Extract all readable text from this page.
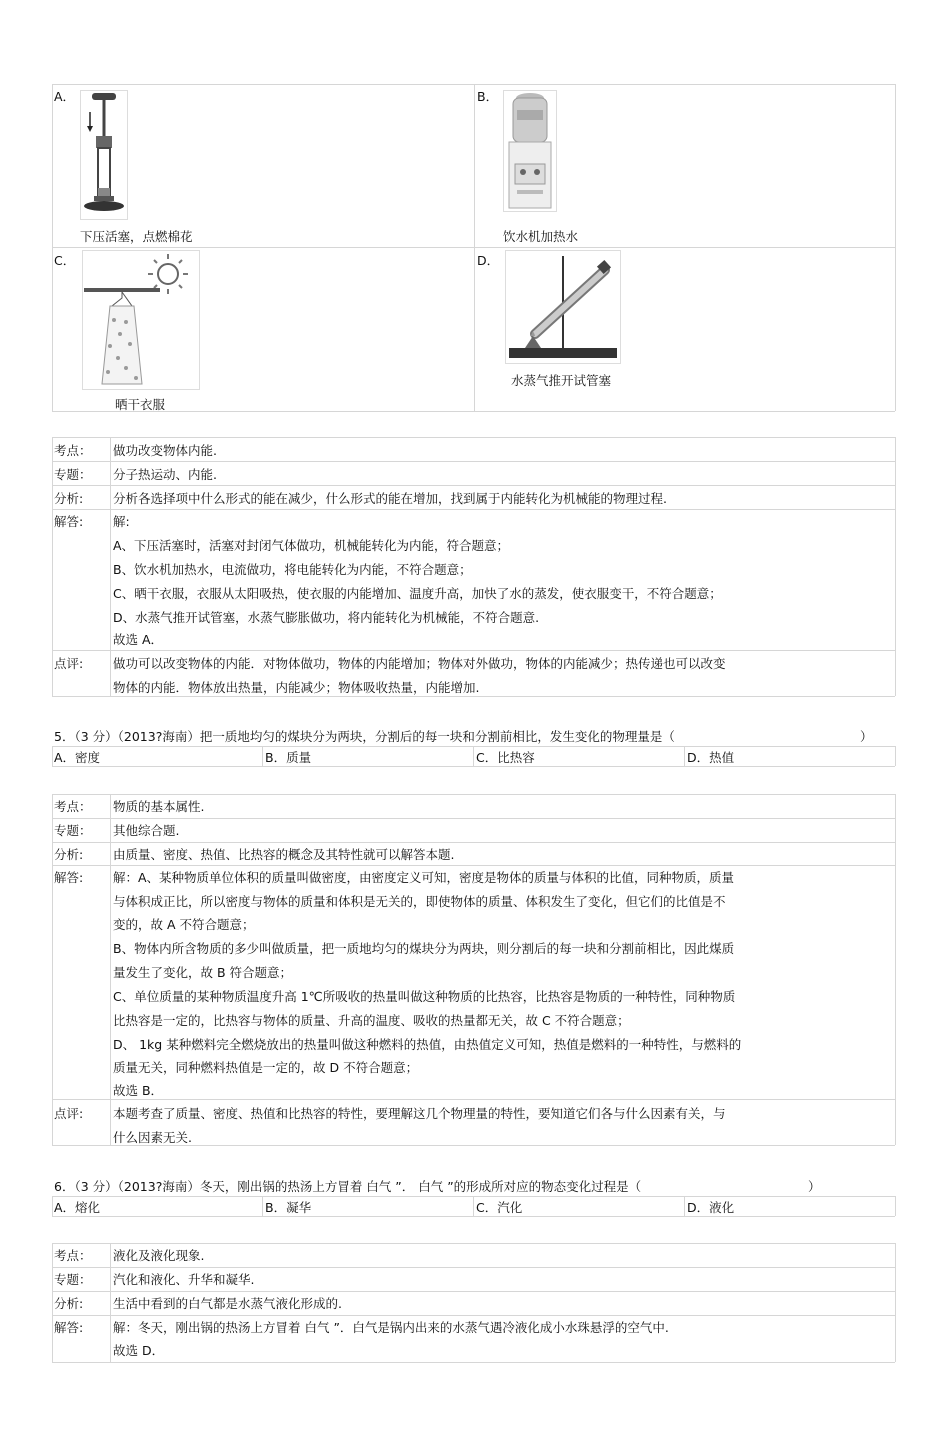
A．
下压活塞，点燃棉花
B．
饮水机加热水
C．
晒干衣服
D．
水蒸气推开试管塞
考点： 做功改变物体内能.
专题： 分子热运动、内能.
分析: 分析各选择项中什么形式的能在减少，什么形式的能在增加，找到属于内能转化为机械能的物理过程.
解答: 解:
A、下压活塞时，活塞对封闭气体做功，机械能转化为内能，符合题意；
B、饮水机加热水，电流做功，将电能转化为内能，不符合题意；
C、晒干衣服，衣服从太阳吸热，使衣服的内能增加、温度升高，加快了水的蒸发，使衣服变干，不符合题意；
D、水蒸气推开试管塞，水蒸气膨胀做功，将内能转化为机械能，不符合题意.
故选 A．
点评: 做功可以改变物体的内能．对物体做功，物体的内能增加；物体对外做功，物体的内能减少；热传递也可以改变
物体的内能．物体放出热量，内能减少；物体吸收热量，内能增加.
5．（3 分）（2013?海南）把一质地均匀的煤块分为两块，分割后的每一块和分割前相比，发生变化的物理量是（	）
A．密度	B．质量	C．比热容	D．热值
考点： 物质的基本属性.
专题： 其他综合题.
分析: 由质量、密度、热值、比热容的概念及其特性就可以解答本题.
解答: 解：A、某种物质单位体积的质量叫做密度，由密度定义可知，密度是物体的质量与体积的比值，同种物质，质量
与体积成正比，所以密度与物体的质量和体积是无关的，即使物体的质量、体积发生了变化，但它们的比值是不
变的，故 A 不符合题意；
B、物体内所含物质的多少叫做质量，把一质地均匀的煤块分为两块，则分割后的每一块和分割前相比，因此煤质
量发生了变化，故 B 符合题意；
C、单位质量的某种物质温度升高 1℃所吸收的热量叫做这种物质的比热容，比热容是物质的一种特性，同种物质
比热容是一定的，比热容与物体的质量、升高的温度、吸收的热量都无关，故 C 不符合题意；
D、 1kg 某种燃料完全燃烧放出的热量叫做这种燃料的热值，由热值定义可知，热值是燃料的一种特性，与燃料的
质量无关，同种燃料热值是一定的，故 D 不符合题意；
故选 B．
点评: 本题考查了质量、密度、热值和比热容的特性，要理解这几个物理量的特性，要知道它们各与什么因素有关，与
什么因素无关.
6．（3 分）（2013?海南）冬天，刚出锅的热汤上方冒着 白气 ”． 白气 ”的形成所对应的物态变化过程是（	）
A．熔化	B．凝华	C．汽化	D．液化
考点： 液化及液化现象.
专题： 汽化和液化、升华和凝华.
分析: 生活中看到的白气都是水蒸气液化形成的.
解答: 解：冬天，刚出锅的热汤上方冒着 白气 ”．白气是锅内出来的水蒸气遇冷液化成小水珠悬浮的空气中.
故选 D．
